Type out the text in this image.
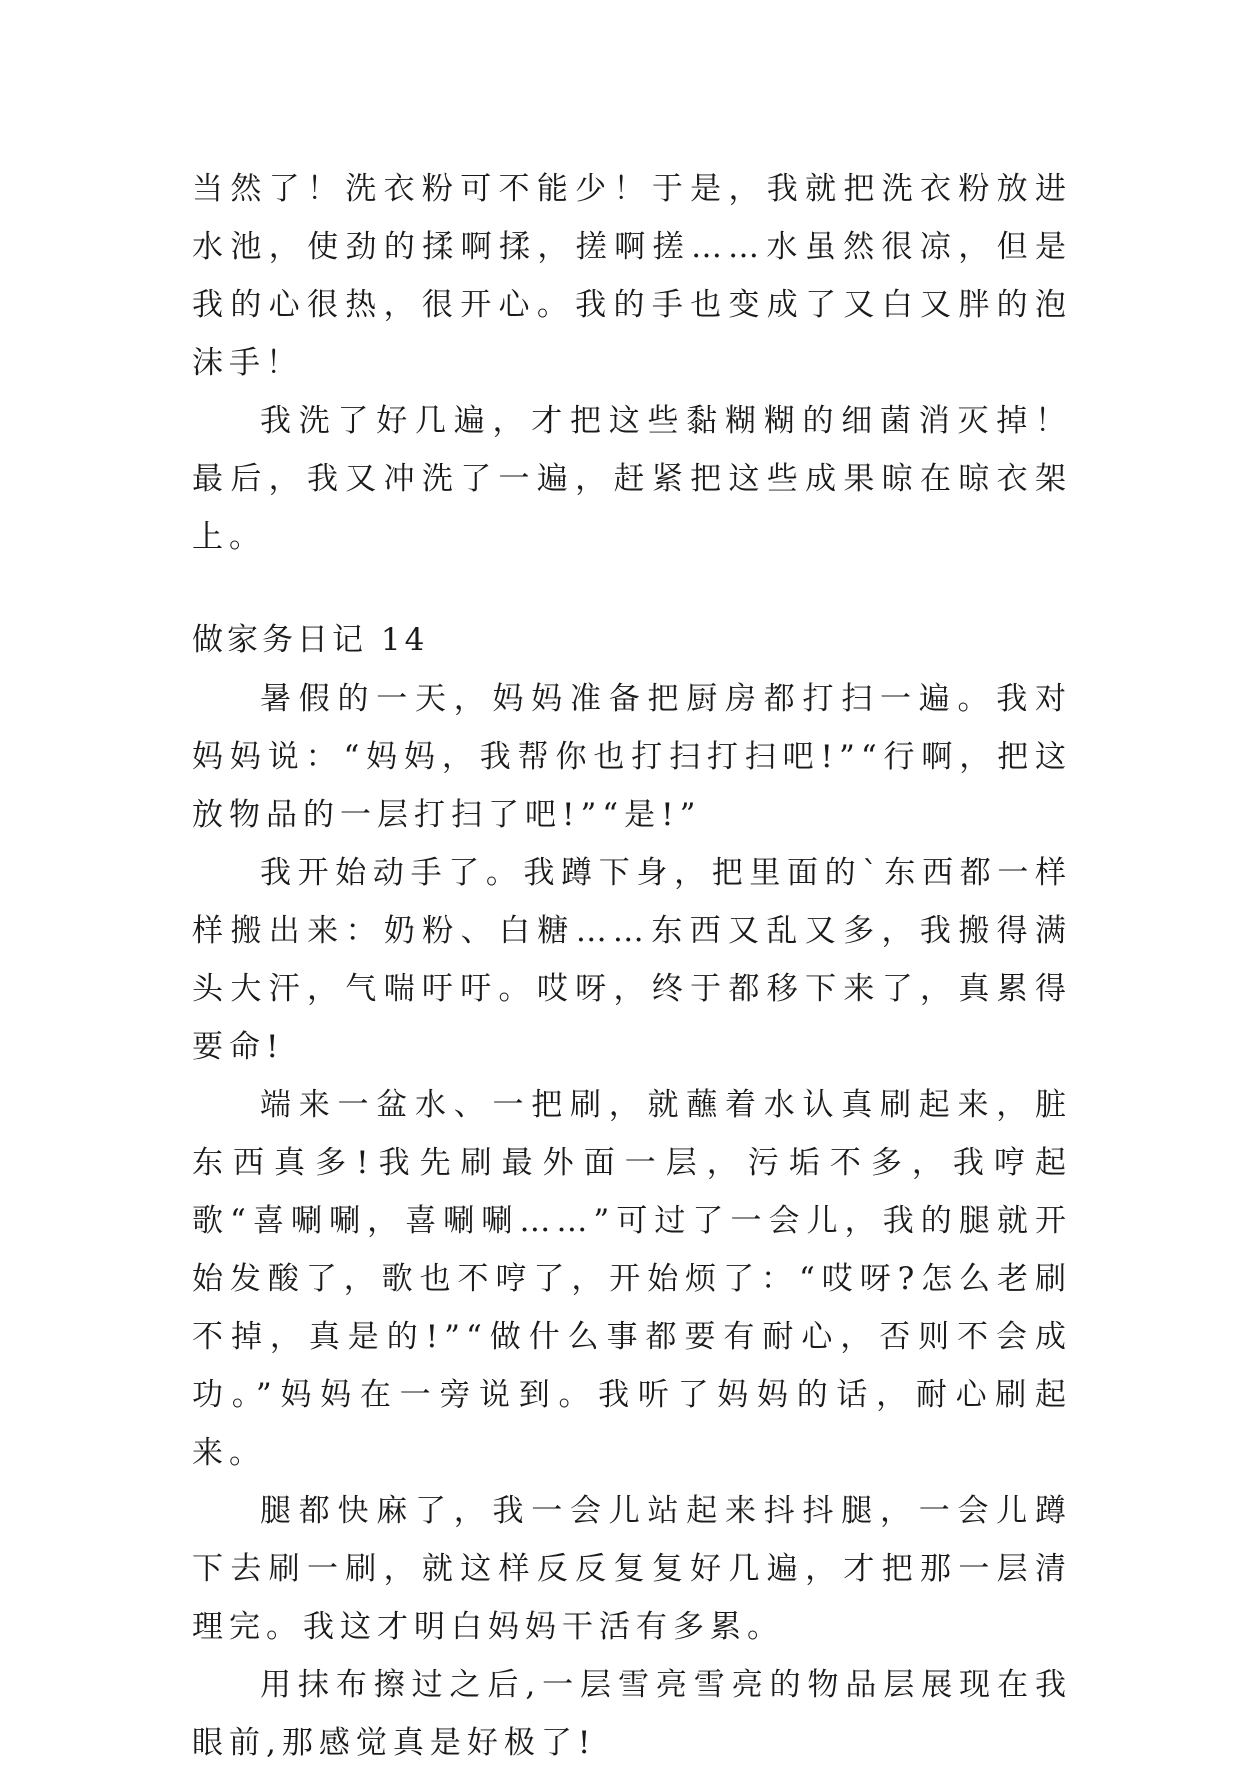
当然了！洗衣粉可不能少！于是，我就把洗衣粉放进水池，使劲的揉啊揉，搓啊搓……水虽然很凉，但是我的心很热，很开心。我的手也变成了又白又胖的泡沫手！

我洗了好几遍，才把这些黏糊糊的细菌消灭掉！最后，我又冲洗了一遍，赶紧把这些成果晾在晾衣架上。

做家务日记 14

暑假的一天，妈妈准备把厨房都打扫一遍。我对妈妈说：“妈妈，我帮你也打扫打扫吧!”“行啊，把这放物品的一层打扫了吧!”“是!”

我开始动手了。我蹲下身，把里面的`东西都一样样搬出来：奶粉、白糖……东西又乱又多，我搬得满头大汗，气喘吁吁。哎呀，终于都移下来了，真累得要命!

端来一盆水、一把刷，就蘸着水认真刷起来，脏东西真多!我先刷最外面一层，污垢不多，我哼起歌“喜唰唰，喜唰唰……”可过了一会儿，我的腿就开始发酸了，歌也不哼了，开始烦了：“哎呀?怎么老刷不掉，真是的!”“做什么事都要有耐心，否则不会成功。”妈妈在一旁说到。我听了妈妈的话，耐心刷起来。

腿都快麻了，我一会儿站起来抖抖腿，一会儿蹲下去刷一刷，就这样反反复复好几遍，才把那一层清理完。我这才明白妈妈干活有多累。

用抹布擦过之后,一层雪亮雪亮的物品层展现在我眼前,那感觉真是好极了!
